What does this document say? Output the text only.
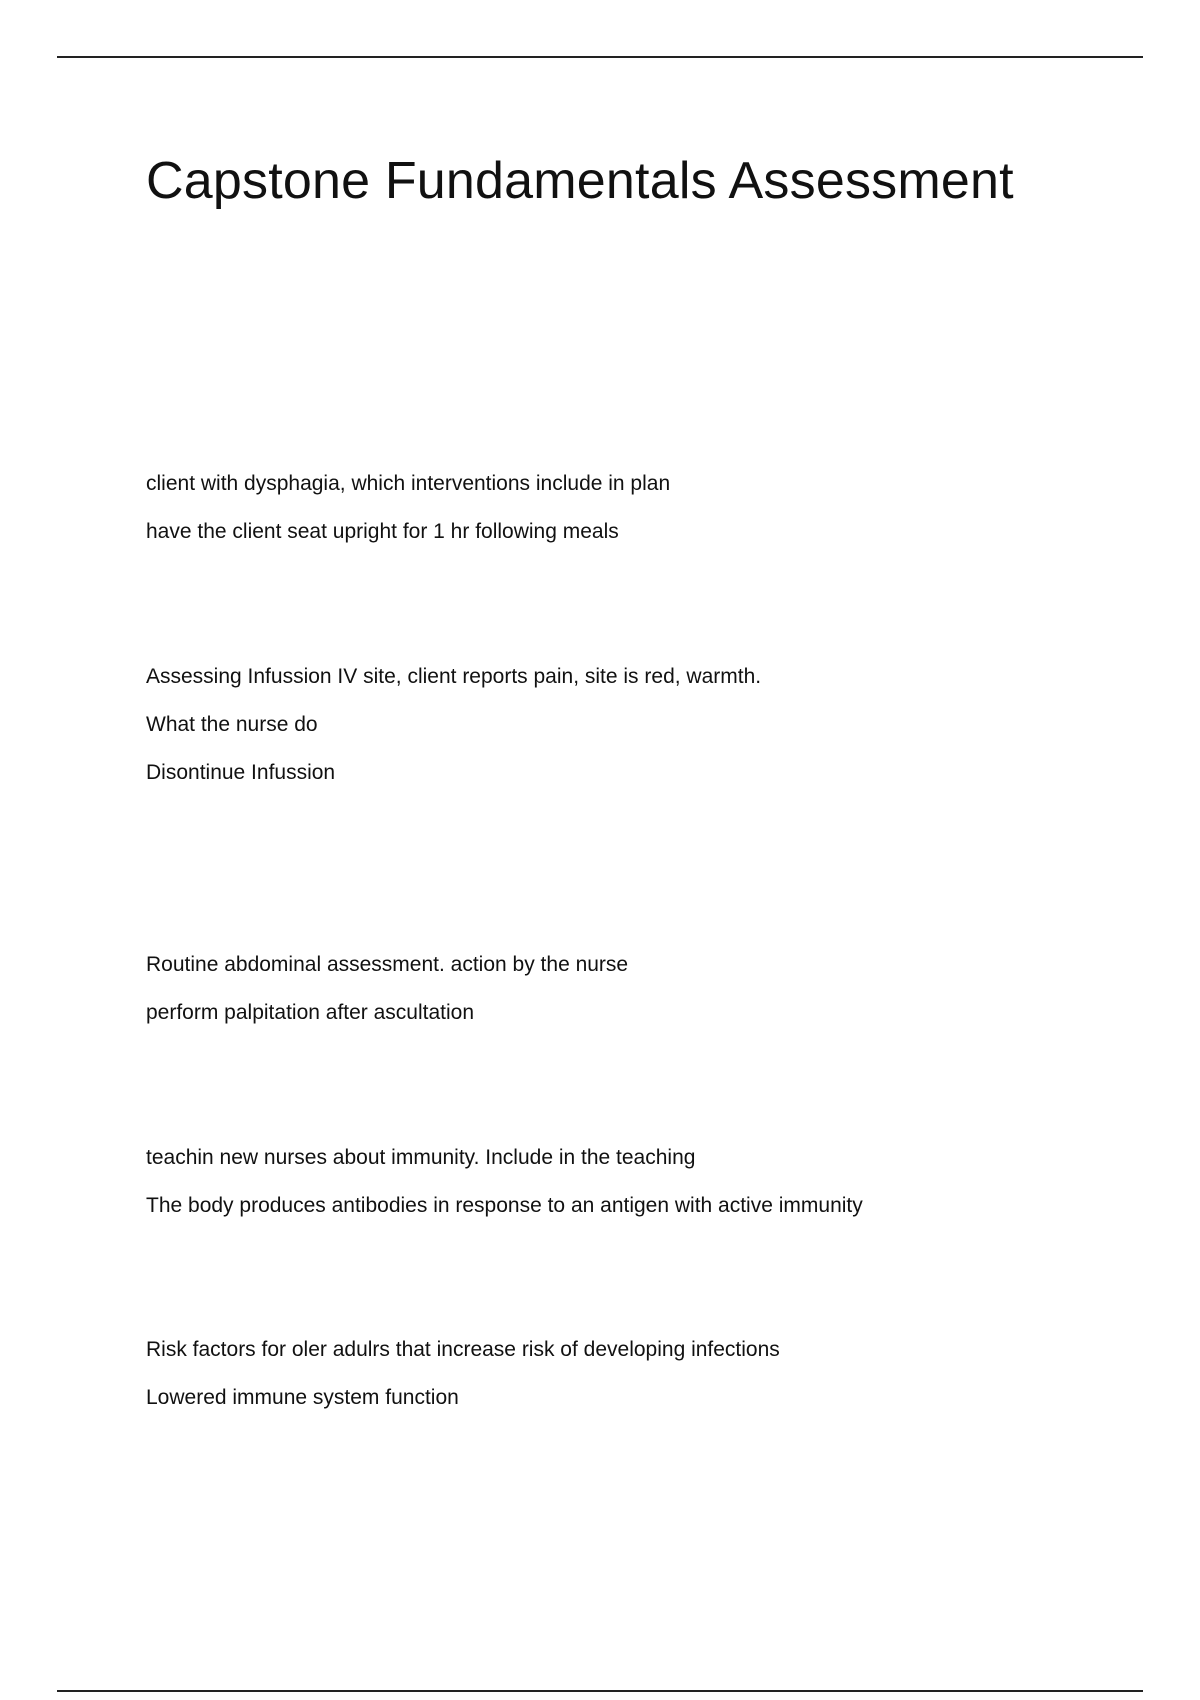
Capstone Fundamentals Assessment
client with dysphagia, which interventions include in plan
have the client seat upright for 1 hr following meals
Assessing Infussion IV site, client reports pain, site is red, warmth.
What the nurse do
Disontinue Infussion
Routine abdominal assessment. action by the nurse
perform palpitation after ascultation
teachin new nurses about immunity. Include in the teaching
The body produces antibodies in response to an antigen with active immunity
Risk factors for oler adulrs that increase risk of developing infections
Lowered immune system function
